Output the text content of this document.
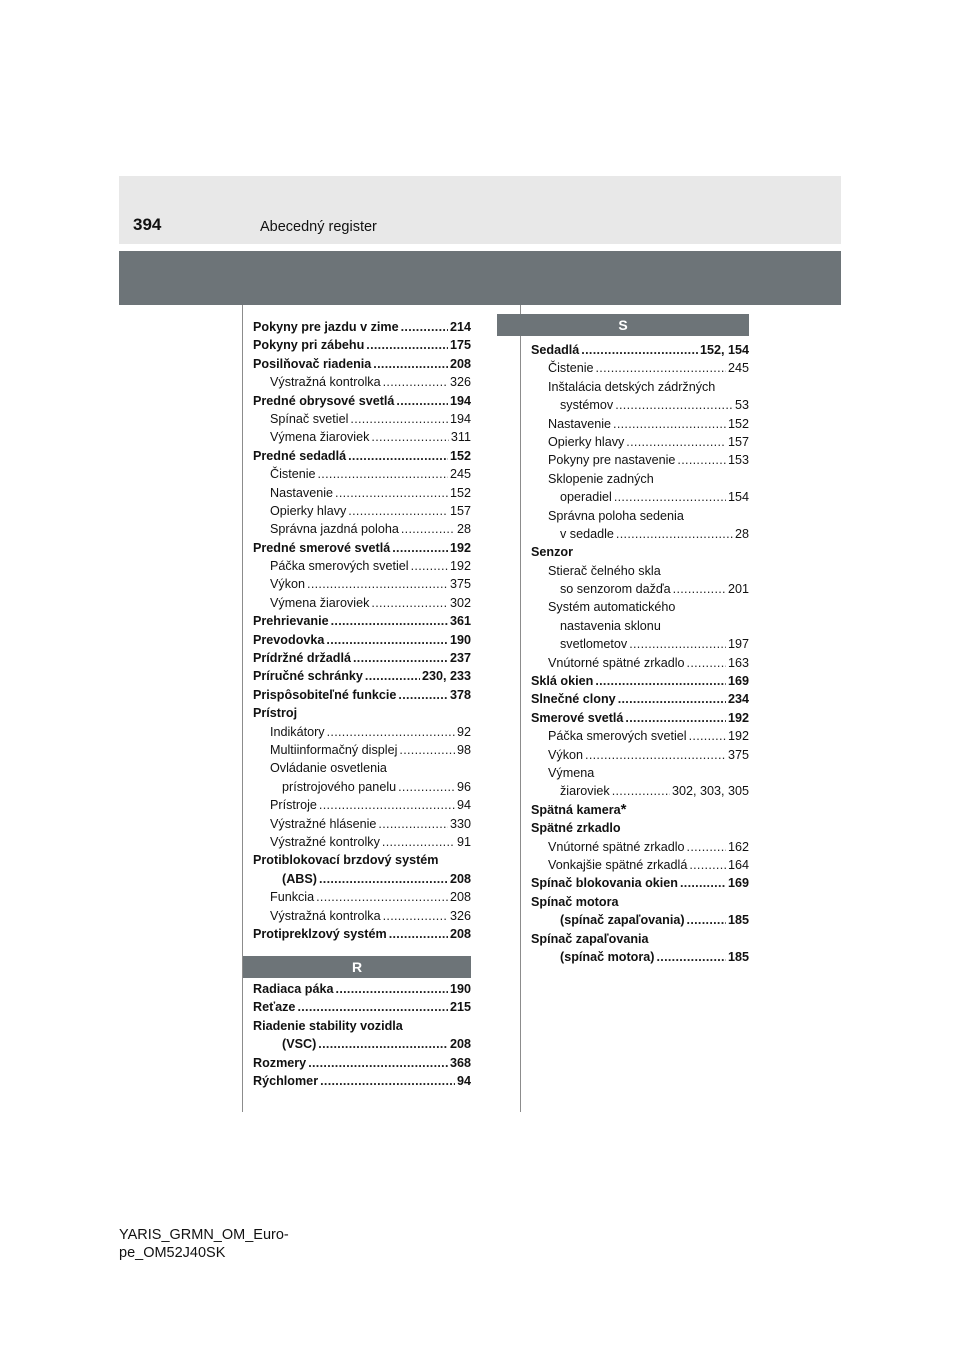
394	Abecedný register
Pokyny pre jazdu v zime .....	214
Pokyny pri zábehu .....	175
Posilňovač riadenia .....	208
Výstražná kontrolka .....	326
Predné obrysové svetlá .....	194
Spínač svetiel .....	194
Výmena žiaroviek .....	311
Predné sedadlá .....	152
Čistenie .....	245
Nastavenie .....	152
Opierky hlavy .....	157
Správna jazdná poloha .....	28
Predné smerové svetlá .....	192
Páčka smerových svetiel .....	192
Výkon .....	375
Výmena žiaroviek .....	302
Prehrievanie .....	361
Prevodovka .....	190
Prídržné držadlá .....	237
Príručné schránky .....	230, 233
Prispôsobiteľné funkcie .....	378
Prístroj
Indikátory .....	92
Multiinformačný displej .....	98
Ovládanie osvetlenia
prístrojového panelu .....	96
Prístroje .....	94
Výstražné hlásenie .....	330
Výstražné kontrolky .....	91
Protiblokovací brzdový systém
(ABS) .....	208
Funkcia .....	208
Výstražná kontrolka .....	326
Protipreklzový systém .....	208
R
Radiaca páka .....	190
Reťaze .....	215
Riadenie stability vozidla
(VSC) .....	208
Rozmery .....	368
Rýchlomer .....	94
S
Sedadlá .....	152, 154
Čistenie .....	245
Inštalácia detských zádržných
systémov .....	53
Nastavenie .....	152
Opierky hlavy .....	157
Pokyny pre nastavenie .....	153
Sklopenie zadných
operadiel .....	154
Správna poloha sedenia
v sedadle .....	28
Senzor
Stierač čelného skla
so senzorom dažďa .....	201
Systém automatického
nastavenia sklonu
svetlometov .....	197
Vnútorné spätné zrkadlo .....	163
Sklá okien .....	169
Slnečné clony .....	234
Smerové svetlá .....	192
Páčka smerových svetiel .....	192
Výkon .....	375
Výmena
žiaroviek .....	302, 303, 305
Spätná kamera *
Spätné zrkadlo
Vnútorné spätné zrkadlo .....	162
Vonkajšie spätné zrkadlá .....	164
Spínač blokovania okien .....	169
Spínač motora
(spínač zapaľovania) .....	185
Spínač zapaľovania
(spínač motora) .....	185
YARIS_GRMN_OM_Euro-
pe_OM52J40SK
